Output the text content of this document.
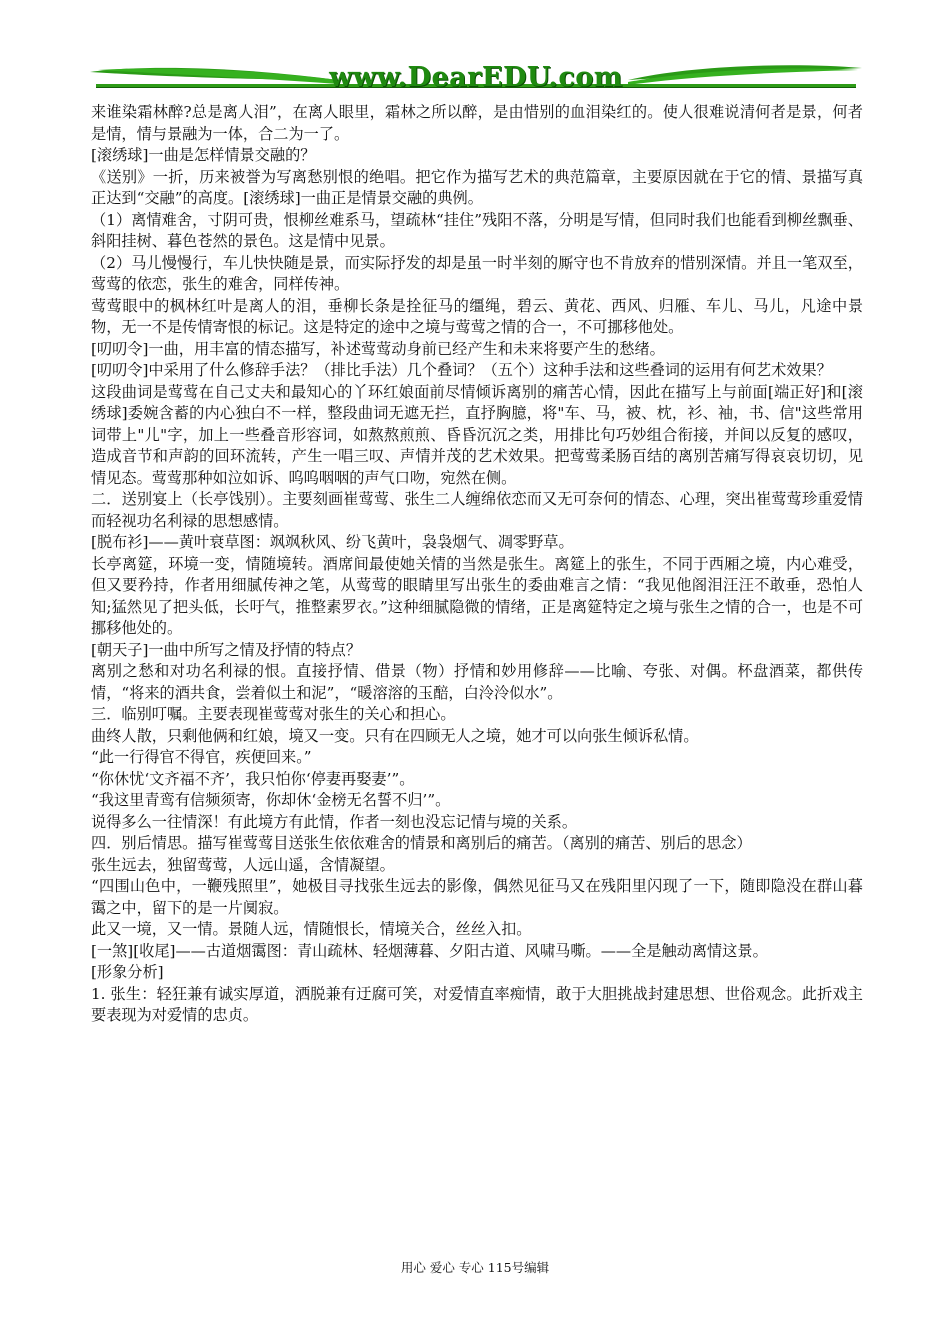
www.DearEDU.com

来谁染霜林醉?总是离人泪”，在离人眼里，霜林之所以醉，是由惜别的血泪染红的。使人很难说清何者是景，何者是情，情与景融为一体，合二为一了。

[滚绣球]一曲是怎样情景交融的？

《送别》一折，历来被誉为写离愁别恨的绝唱。把它作为描写艺术的典范篇章，主要原因就在于它的情、景描写真正达到“交融”的高度。[滚绣球]一曲正是情景交融的典例。

（1）离情难舍，寸阴可贵，恨柳丝难系马，望疏林“挂住”残阳不落，分明是写情，但同时我们也能看到柳丝飘垂、斜阳挂树、暮色苍然的景色。这是情中见景。

（2）马儿慢慢行，车儿快快随是景，而实际抒发的却是虽一时半刻的厮守也不肯放弃的惜别深情。并且一笔双至，莺莺的依恋，张生的难舍，同样传神。

莺莺眼中的枫林红叶是离人的泪，垂柳长条是拴征马的缰绳，碧云、黄花、西风、归雁、车儿、马儿，凡途中景物，无一不是传情寄恨的标记。这是特定的途中之境与莺莺之情的合一，不可挪移他处。

[叨叨令]一曲，用丰富的情态描写，补述莺莺动身前已经产生和未来将要产生的愁绪。

[叨叨令]中采用了什么修辞手法？（排比手法）几个叠词？（五个）这种手法和这些叠词的运用有何艺术效果？

这段曲词是莺莺在自己丈夫和最知心的丫环红娘面前尽情倾诉离别的痛苦心情，因此在描写上与前面[端正好]和[滚绣球]委婉含蓄的内心独白不一样，整段曲词无遮无拦，直抒胸臆，将"车、马，被、枕，衫、袖，书、信"这些常用词带上"儿"字，加上一些叠音形容词，如熬熬煎煎、昏昏沉沉之类，用排比句巧妙组合衔接，并间以反复的感叹，造成音节和声韵的回环流转，产生一唱三叹、声情并茂的艺术效果。把莺莺柔肠百结的离别苦痛写得哀哀切切，见情见态。莺莺那种如泣如诉、呜呜咽咽的声气口吻，宛然在侧。

二．送别宴上（长亭饯别）。主要刻画崔莺莺、张生二人缠绵依恋而又无可奈何的情态、心理，突出崔莺莺珍重爱情而轻视功名利禄的思想感情。

[脱布衫]——黄叶衰草图：飒飒秋风、纷飞黄叶，袅袅烟气、凋零野草。

长亭离筵，环境一变，情随境转。酒席间最使她关情的当然是张生。离筵上的张生，不同于西厢之境，内心难受，但又要矜持，作者用细腻传神之笔，从莺莺的眼睛里写出张生的委曲难言之情：“我见他阁泪汪汪不敢垂，恐怕人知;猛然见了把头低，长吁气，推整素罗衣。”这种细腻隐微的情绪，正是离筵特定之境与张生之情的合一，也是不可挪移他处的。

[朝天子]一曲中所写之情及抒情的特点？

离别之愁和对功名利禄的恨。直接抒情、借景（物）抒情和妙用修辞——比喻、夸张、对偶。杯盘酒菜，都供传情，“将来的酒共食，尝着似土和泥”，“暖溶溶的玉醅，白泠泠似水”。

三．临别叮嘱。主要表现崔莺莺对张生的关心和担心。

曲终人散，只剩他俩和红娘，境又一变。只有在四顾无人之境，她才可以向张生倾诉私情。

“此一行得官不得官，疾便回来。”

“你休忧‘文齐福不齐’，我只怕你‘停妻再娶妻’”。

“我这里青鸾有信频须寄，你却休‘金榜无名誓不归’”。

说得多么一往情深！有此境方有此情，作者一刻也没忘记情与境的关系。

四．别后情思。描写崔莺莺目送张生依依难舍的情景和离别后的痛苦。（离别的痛苦、别后的思念）

张生远去，独留莺莺，人远山遥，含情凝望。

“四围山色中，一鞭残照里”，她极目寻找张生远去的影像，偶然见征马又在残阳里闪现了一下，随即隐没在群山暮霭之中，留下的是一片阒寂。

此又一境，又一情。景随人远，情随恨长，情境关合，丝丝入扣。

[一煞][收尾]——古道烟霭图：青山疏林、轻烟薄暮、夕阳古道、风啸马嘶。——全是触动离情这景。

[形象分析]

1. 张生：轻狂兼有诚实厚道，洒脱兼有迂腐可笑，对爱情直率痴情，敢于大胆挑战封建思想、世俗观念。此折戏主要表现为对爱情的忠贞。

用心 爱心 专心 115号编辑
